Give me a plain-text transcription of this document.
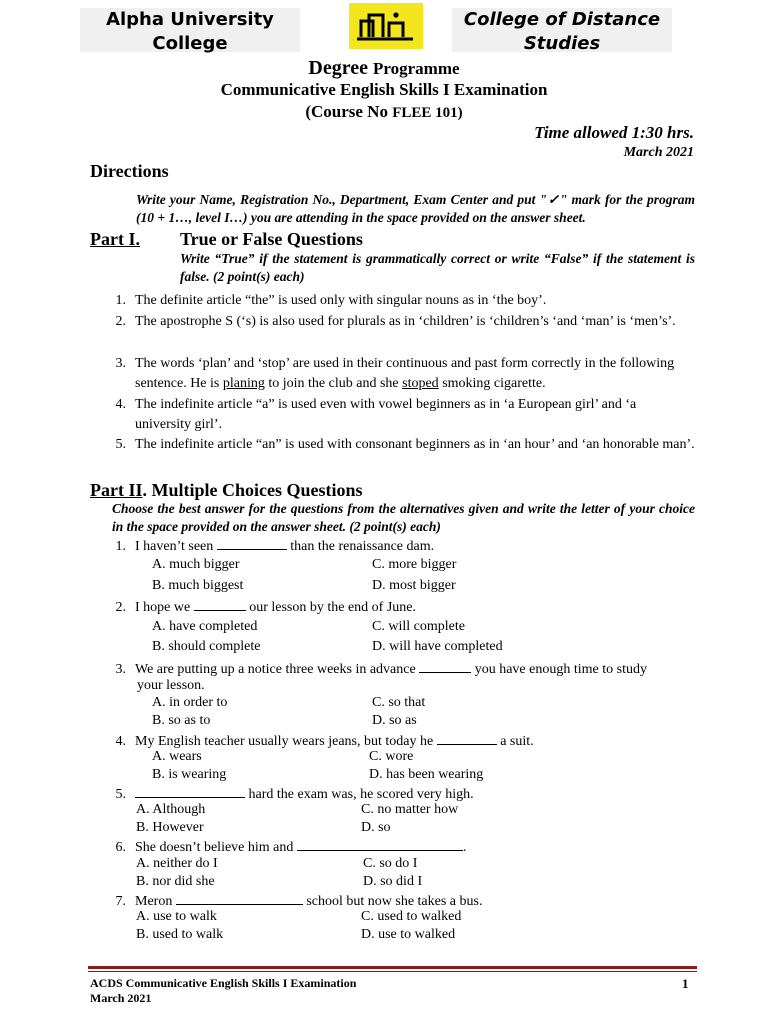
Alpha University
College
College of Distance
Studies
Degree Programme
Communicative English Skills I Examination
(Course No FLEE 101)
Time allowed 1:30 hrs.
March 2021
Directions
Write your Name, Registration No., Department, Exam Center and put "✓" mark for the program (10 + 1…, level I…) you are attending in the space provided on the answer sheet.
Part I. True or False Questions
Write “True” if the statement is grammatically correct or write “False” if the statement is false. (2 point(s) each)
1. The definite article “the” is used only with singular nouns as in ‘the boy’.
2. The apostrophe S (‘s) is also used for plurals as in ‘children’ is ‘children’s ‘and ‘man’ is ‘men’s’.
3. The words ‘plan’ and ‘stop’ are used in their continuous and past form correctly in the following sentence. He is planing to join the club and she stoped smoking cigarette.
4. The indefinite article “a” is used even with vowel beginners as in ‘a European girl’ and ‘a university girl’.
5. The indefinite article “an” is used with consonant beginners as in ‘an hour’ and ‘an honorable man’.
Part II. Multiple Choices Questions
Choose the best answer for the questions from the alternatives given and write the letter of your choice in the space provided on the answer sheet. (2 point(s) each)
1. I haven’t seen	than the renaissance dam.
A. much bigger	C. more bigger
B. much biggest	D. most bigger
2. I hope we	our lesson by the end of June.
A. have completed	C. will complete
B. should complete	D. will have completed
3. We are putting up a notice three weeks in advance	you have enough time to study
your lesson.
A. in order to	C. so that
B. so as to	D. so as
4. My English teacher usually wears jeans, but today he	a suit.
A. wears	C. wore
B. is wearing	D. has been wearing
5.	hard the exam was, he scored very high.
A. Although	C. no matter how
B. However	D. so
6. She doesn’t believe him and	.
A. neither do I	C. so do I
B. nor did she	D. so did I
7. Meron	school but now she takes a bus.
A. use to walk	C. used to walked
B. used to walk	D. use to walked
ACDS Communicative English Skills I Examination
March 2021
1
